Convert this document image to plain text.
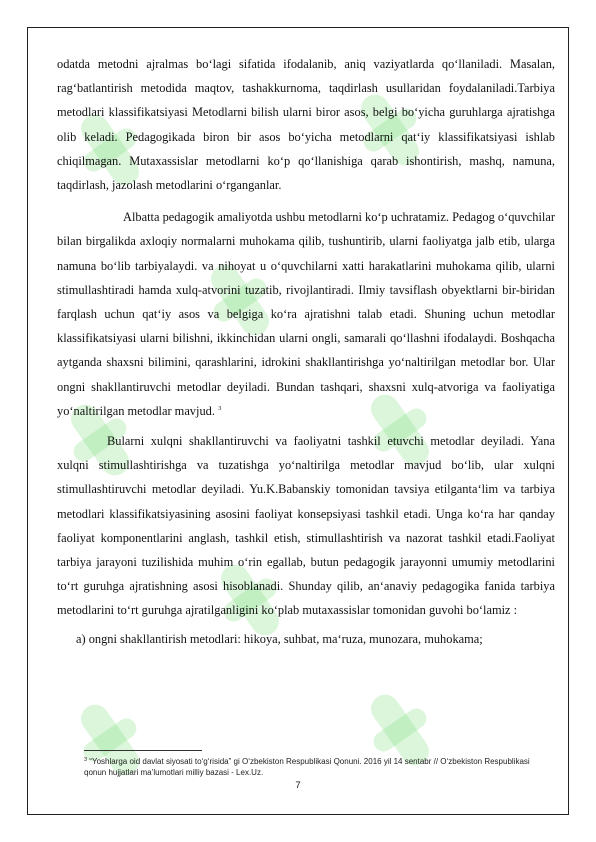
odatda metodni ajralmas bo‘lagi sifatida ifodalanib, aniq vaziyatlarda qo‘llaniladi. Masalan, rag‘batlantirish metodida maqtov, tashakkurnoma, taqdirlash usullaridan foydalaniladi.Tarbiya metodlari klassifikatsiyasi Metodlarni bilish ularni biror asos, belgi bo‘yicha guruhlarga ajratishga olib keladi. Pedagogikada biron bir asos bo‘yicha metodlarni qat‘iy klassifikatsiyasi ishlab chiqilmagan. Mutaxassislar metodlarni ko‘p qo‘llanishiga qarab ishontirish, mashq, namuna, taqdirlash, jazolash metodlarini o‘rganganlar.

Albatta pedagogik amaliyotda ushbu metodlarni ko‘p uchratamiz. Pedagog o‘quvchilar bilan birgalikda axloqiy normalarni muhokama qilib, tushuntirib, ularni faoliyatga jalb etib, ularga namuna bo‘lib tarbiyalaydi. va nihoyat u o‘quvchilarni xatti harakatlarini muhokama qilib, ularni stimullashtiradi hamda xulq-atvorini tuzatib, rivojlantiradi. Ilmiy tavsiflash obyektlarni bir-biridan farqlash uchun qat‘iy asos va belgiga ko‘ra ajratishni talab etadi. Shuning uchun metodlar klassifikatsiyasi ularni bilishni, ikkinchidan ularni ongli, samarali qo‘llashni ifodalaydi. Boshqacha aytganda shaxsni bilimini, qarashlarini, idrokini shakllantirishga yo‘naltirilgan metodlar bor. Ular ongni shakllantiruvchi metodlar deyiladi. Bundan tashqari, shaxsni xulq-atvoriga va faoliyatiga yo‘naltirilgan metodlar mavjud. $^3$

Bularni xulqni shakllantiruvchi va faoliyatni tashkil etuvchi metodlar deyiladi. Yana xulqni stimullashtirishga va tuzatishga yo‘naltirilga metodlar mavjud bo‘lib, ular xulqni stimullashtiruvchi metodlar deyiladi. Yu.K.Babanskiy tomonidan tavsiya etilganta‘lim va tarbiya metodlari klassifikatsiyasining asosini faoliyat konsepsiyasi tashkil etadi. Unga ko‘ra har qanday faoliyat komponentlarini anglash, tashkil etish, stimullashtirish va nazorat tashkil etadi.Faoliyat tarbiya jarayoni tuzilishida muhim o‘rin egallab, butun pedagogik jarayonni umumiy metodlarini to‘rt guruhga ajratishning asosi hisoblanadi. Shunday qilib, an‘anaviy pedagogika fanida tarbiya metodlarini to‘rt guruhga ajratilganligini ko‘plab mutaxassislar tomonidan guvohi bo‘lamiz :

a) ongni shakllantirish metodlari: hikoya, suhbat, ma‘ruza, munozara, muhokama;

$^3$ “Yoshlarga oid davlat siyosati to‘g‘risida” gi O‘zbekiston Respublikasi Qonuni. 2016 yil 14 sentabr // O‘zbekiston Respublikasi qonun hujjatlari ma’lumotlari milliy bazasi - Lex.Uz.
7
